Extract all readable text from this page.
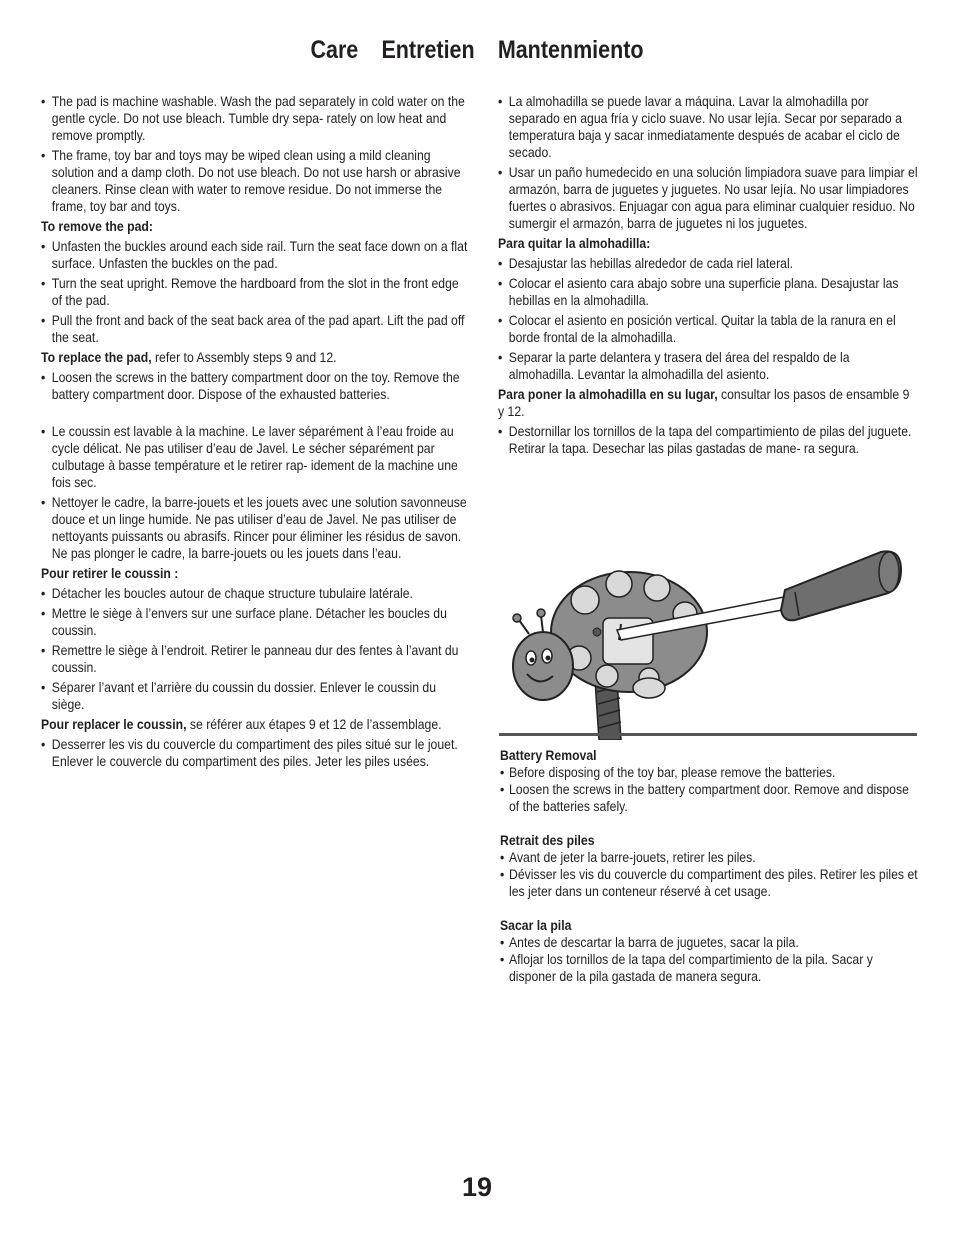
Care Entretien Mantenmiento
• The pad is machine washable. Wash the pad separately in cold water on the gentle cycle. Do not use bleach. Tumble dry sepa- rately on low heat and remove promptly.
• The frame, toy bar and toys may be wiped clean using a mild cleaning solution and a damp cloth. Do not use bleach. Do not use harsh or abrasive cleaners. Rinse clean with water to remove residue. Do not immerse the frame, toy bar and toys.
To remove the pad:
• Unfasten the buckles around each side rail. Turn the seat face down on a flat surface. Unfasten the buckles on the pad.
• Turn the seat upright. Remove the hardboard from the slot in the front edge of the pad.
• Pull the front and back of the seat back area of the pad apart. Lift the pad off the seat.
To replace the pad, refer to Assembly steps 9 and 12.
• Loosen the screws in the battery compartment door on the toy. Remove the battery compartment door. Dispose of the exhausted batteries.
• Le coussin est lavable à la machine. Le laver séparément à l’eau froide au cycle délicat. Ne pas utiliser d’eau de Javel. Le sécher séparément par culbutage à basse température et le retirer rap- idement de la machine une fois sec.
• Nettoyer le cadre, la barre-jouets et les jouets avec une solution savonneuse douce et un linge humide. Ne pas utiliser d’eau de Javel. Ne pas utiliser de nettoyants puissants ou abrasifs. Rincer pour éliminer les résidus de savon. Ne pas plonger le cadre, la barre-jouets ou les jouets dans l’eau.
Pour retirer le coussin :
• Détacher les boucles autour de chaque structure tubulaire latérale.
• Mettre le siège à l’envers sur une surface plane. Détacher les boucles du coussin.
• Remettre le siège à l’endroit. Retirer le panneau dur des fentes à l’avant du coussin.
• Séparer l’avant et l’arrière du coussin du dossier. Enlever le coussin du siège.
Pour replacer le coussin, se référer aux étapes 9 et 12 de l’assemblage.
• Desserrer les vis du couvercle du compartiment des piles situé sur le jouet. Enlever le couvercle du compartiment des piles. Jeter les piles usées.
• La almohadilla se puede lavar a máquina. Lavar la almohadilla por separado en agua fría y ciclo suave. No usar lejía. Secar por separado a temperatura baja y sacar inmediatamente después de acabar el ciclo de secado.
• Usar un paño humedecido en una solución limpiadora suave para limpiar el armazón, barra de juguetes y juguetes. No usar lejía. No usar limpiadores fuertes o abrasivos. Enjuagar con agua para eliminar cualquier residuo. No sumergir el armazón, barra de juguetes ni los juguetes.
Para quitar la almohadilla:
• Desajustar las hebillas alrededor de cada riel lateral.
• Colocar el asiento cara abajo sobre una superficie plana. Desajustar las hebillas en la almohadilla.
• Colocar el asiento en posición vertical. Quitar la tabla de la ranura en el borde frontal de la almohadilla.
• Separar la parte delantera y trasera del área del respaldo de la almohadilla. Levantar la almohadilla del asiento.
Para poner la almohadilla en su lugar, consultar los pasos de ensamble 9 y 12.
• Destornillar los tornillos de la tapa del compartimiento de pilas del juguete. Retirar la tapa. Desechar las pilas gastadas de mane- ra segura.
Battery Removal
• Before disposing of the toy bar, please remove the batteries.
• Loosen the screws in the battery compartment door. Remove and dispose of the batteries safely.
Retrait des piles
• Avant de jeter la barre-jouets, retirer les piles.
• Dévisser les vis du couvercle du compartiment des piles. Retirer les piles et les jeter dans un conteneur réservé à cet usage.
Sacar la pila
• Antes de descartar la barra de juguetes, sacar la pila.
• Aflojar los tornillos de la tapa del compartimiento de la pila. Sacar y disponer de la pila gastada de manera segura.
19
